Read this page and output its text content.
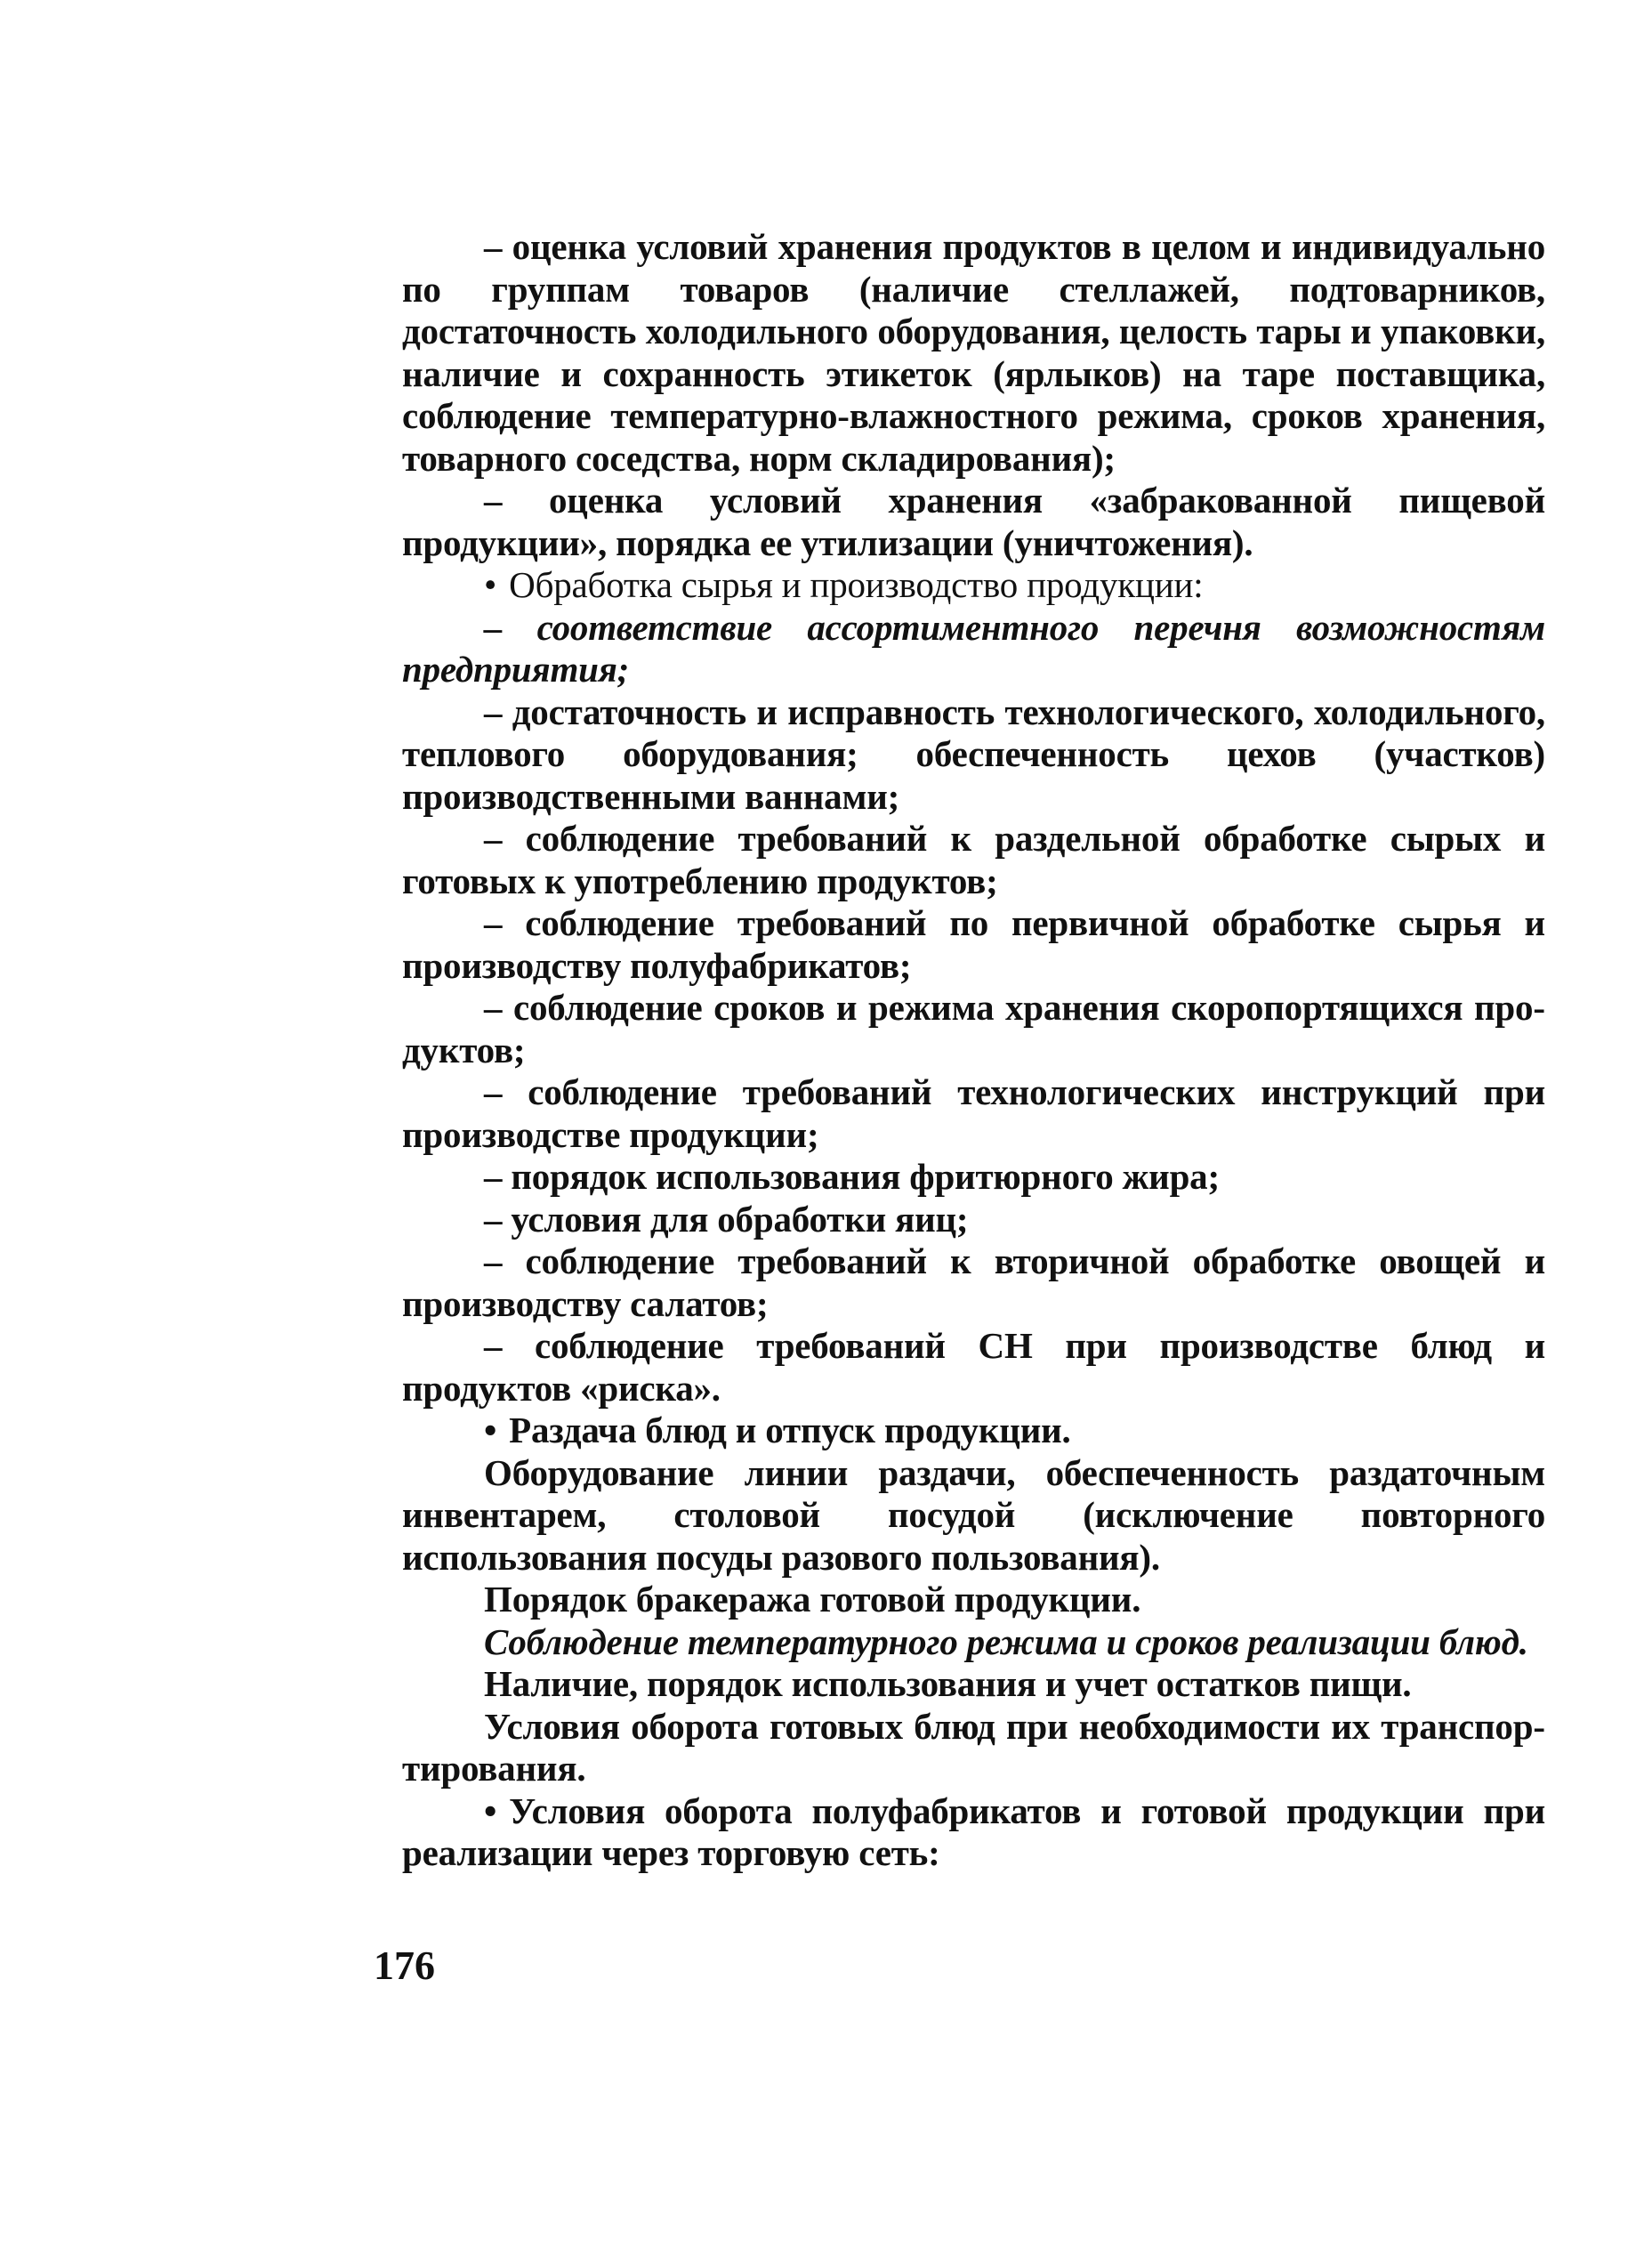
– оценка условий хранения продуктов в целом и индивидуально по группам товаров (наличие стеллажей, подтоварников, достаточность холодильного оборудования, целость тары и упаковки, наличие и сохранность этикеток (ярлыков) на таре поставщика, соблюдение температурно-влажностного режима, сроков хранения, товарного соседства, норм складирования);

– оценка условий хранения «забракованной пищевой продукции», порядка ее утилизации (уничтожения).

• Обработка сырья и производство продукции:

– соответствие ассортиментного перечня возможностям предприятия;

– достаточность и исправность технологического, холодильного, теплового оборудования; обеспеченность цехов (участков) производственными ваннами;

– соблюдение требований к раздельной обработке сырых и готовых к употреблению продуктов;

– соблюдение требований по первичной обработке сырья и производству полуфабрикатов;

– соблюдение сроков и режима хранения скоропортящихся продуктов;

– соблюдение требований технологических инструкций при производстве продукции;

– порядок использования фритюрного жира;

– условия для обработки яиц;

– соблюдение требований к вторичной обработке овощей и производству салатов;

– соблюдение требований СН при производстве блюд и продуктов «риска».

• Раздача блюд и отпуск продукции.

Оборудование линии раздачи, обеспеченность раздаточным инвентарем, столовой посудой (исключение повторного использования посуды разового пользования).

Порядок бракеража готовой продукции.

Соблюдение температурного режима и сроков реализации блюд.

Наличие, порядок использования и учет остатков пищи.

Условия оборота готовых блюд при необходимости их транспортирования.

• Условия оборота полуфабрикатов и готовой продукции при реализации через торговую сеть:

176
